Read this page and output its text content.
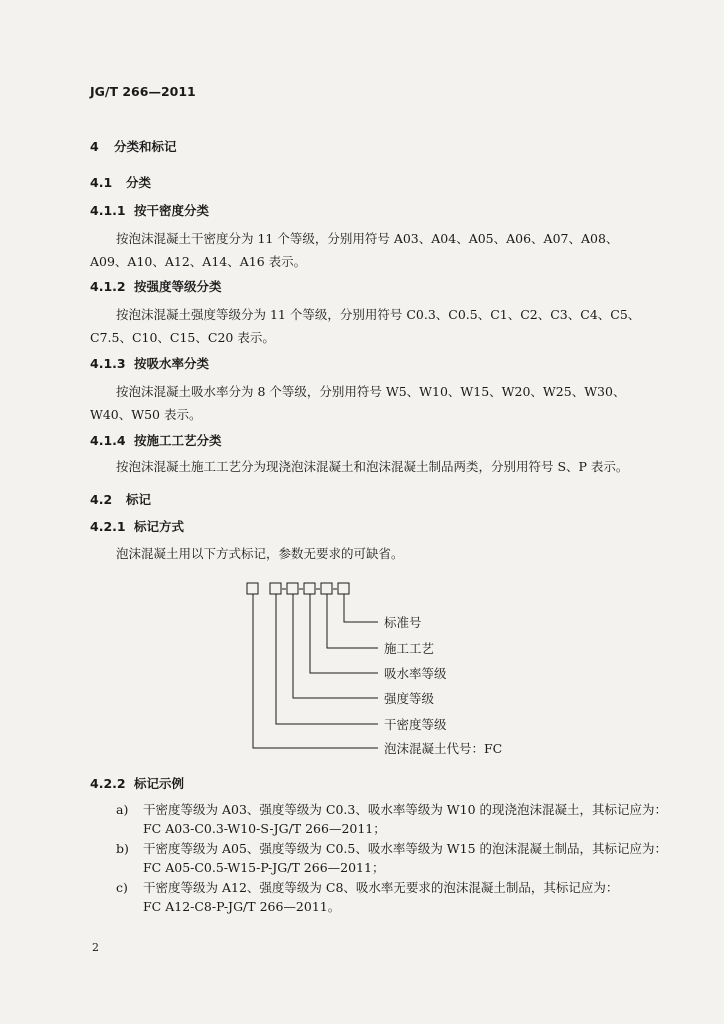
JG/T 266—2011
4 分类和标记
4.1 分类
4.1.1 按干密度分类
按泡沫混凝土干密度分为 11 个等级，分别用符号 A03、A04、A05、A06、A07、A08、A09、A10、A12、A14、A16 表示。
4.1.2 按强度等级分类
按泡沫混凝土强度等级分为 11 个等级，分别用符号 C0.3、C0.5、C1、C2、C3、C4、C5、C7.5、C10、C15、C20 表示。
4.1.3 按吸水率分类
按泡沫混凝土吸水率分为 8 个等级，分别用符号 W5、W10、W15、W20、W25、W30、W40、W50 表示。
4.1.4 按施工工艺分类
按泡沫混凝土施工工艺分为现浇泡沫混凝土和泡沫混凝土制品两类，分别用符号 S、P 表示。
4.2 标记
4.2.1 标记方式
泡沫混凝土用以下方式标记，参数无要求的可缺省。
标准号
施工工艺
吸水率等级
强度等级
干密度等级
泡沫混凝土代号：FC
4.2.2 标记示例
a) 干密度等级为 A03、强度等级为 C0.3、吸水率等级为 W10 的现浇泡沫混凝土，其标记应为：
FC A03-C0.3-W10-S-JG/T 266—2011；
b) 干密度等级为 A05、强度等级为 C0.5、吸水率等级为 W15 的泡沫混凝土制品，其标记应为：
FC A05-C0.5-W15-P-JG/T 266—2011；
c) 干密度等级为 A12、强度等级为 C8、吸水率无要求的泡沫混凝土制品，其标记应为：
FC A12-C8-P-JG/T 266—2011。
2
